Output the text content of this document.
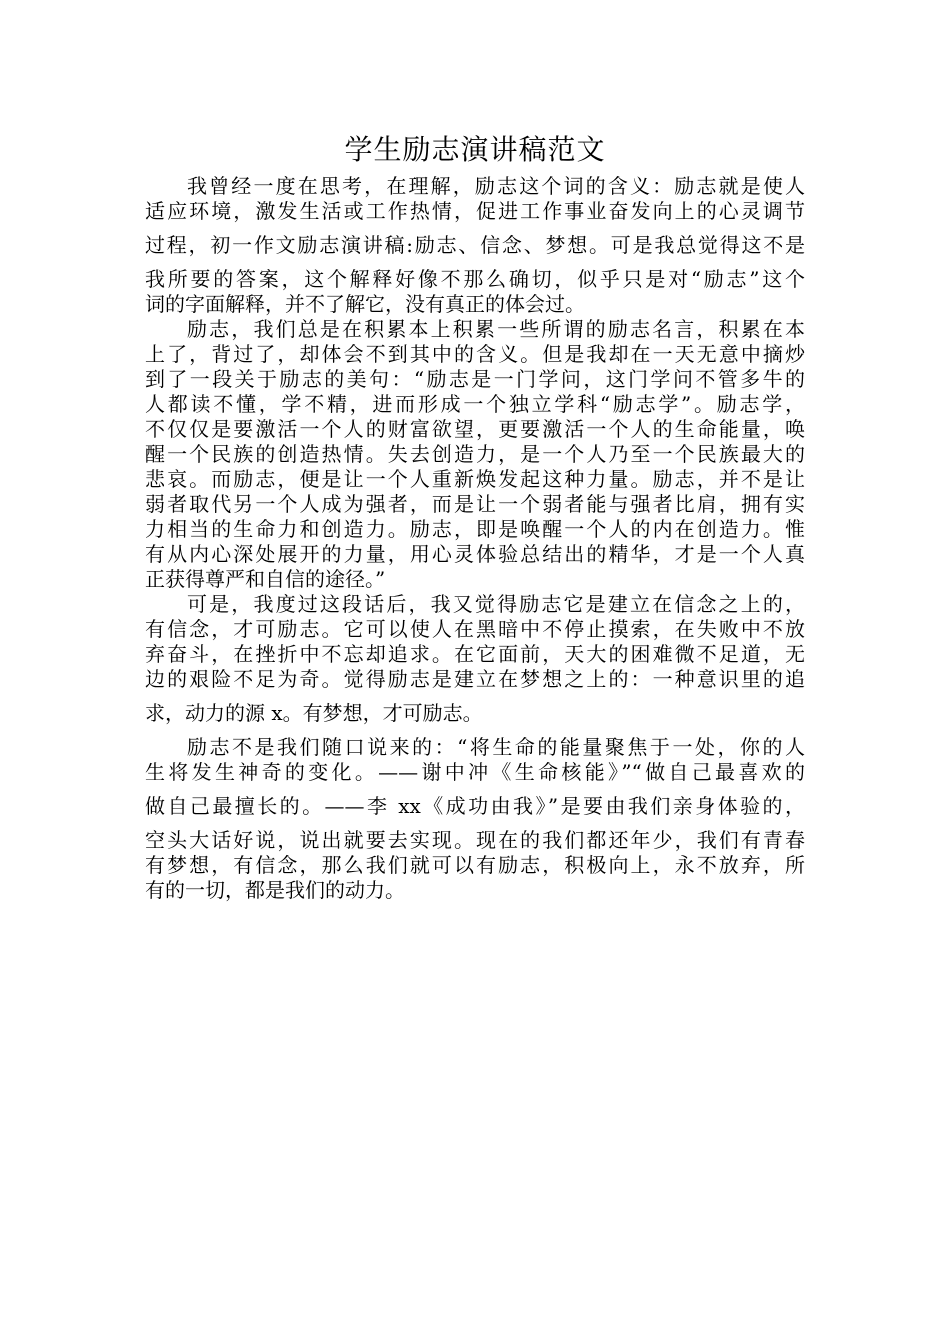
学生励志演讲稿范文
我曾经一度在思考，在理解，励志这个词的含义：励志就是使人
适应环境，激发生活或工作热情，促进工作事业奋发向上的心灵调节
过程，初一作文励志演讲稿:励志、信念、梦想。可是我总觉得这不是
我所要的答案，这个解释好像不那么确切，似乎只是对“励志”这个
词的字面解释，并不了解它，没有真正的体会过。
励志，我们总是在积累本上积累一些所谓的励志名言，积累在本
上了，背过了，却体会不到其中的含义。但是我却在一天无意中摘炒
到了一段关于励志的美句：“励志是一门学问，这门学问不管多牛的
人都读不懂，学不精，进而形成一个独立学科“励志学”。励志学，
不仅仅是要激活一个人的财富欲望，更要激活一个人的生命能量，唤
醒一个民族的创造热情。失去创造力，是一个人乃至一个民族最大的
悲哀。而励志，便是让一个人重新焕发起这种力量。励志，并不是让
弱者取代另一个人成为强者，而是让一个弱者能与强者比肩，拥有实
力相当的生命力和创造力。励志，即是唤醒一个人的内在创造力。惟
有从内心深处展开的力量，用心灵体验总结出的精华，才是一个人真
正获得尊严和自信的途径。”
可是，我度过这段话后，我又觉得励志它是建立在信念之上的，
有信念，才可励志。它可以使人在黑暗中不停止摸索，在失败中不放
弃奋斗，在挫折中不忘却追求。在它面前，天大的困难微不足道，无
边的艰险不足为奇。觉得励志是建立在梦想之上的：一种意识里的追
求，动力的源 x。有梦想，才可励志。
励志不是我们随口说来的：“将生命的能量聚焦于一处，你的人
生将发生神奇的变化。——谢中冲《生命核能》”“做自己最喜欢的
做自己最擅长的。——李 xx《成功由我》”是要由我们亲身体验的，
空头大话好说，说出就要去实现。现在的我们都还年少，我们有青春
有梦想，有信念，那么我们就可以有励志，积极向上，永不放弃，所
有的一切，都是我们的动力。
